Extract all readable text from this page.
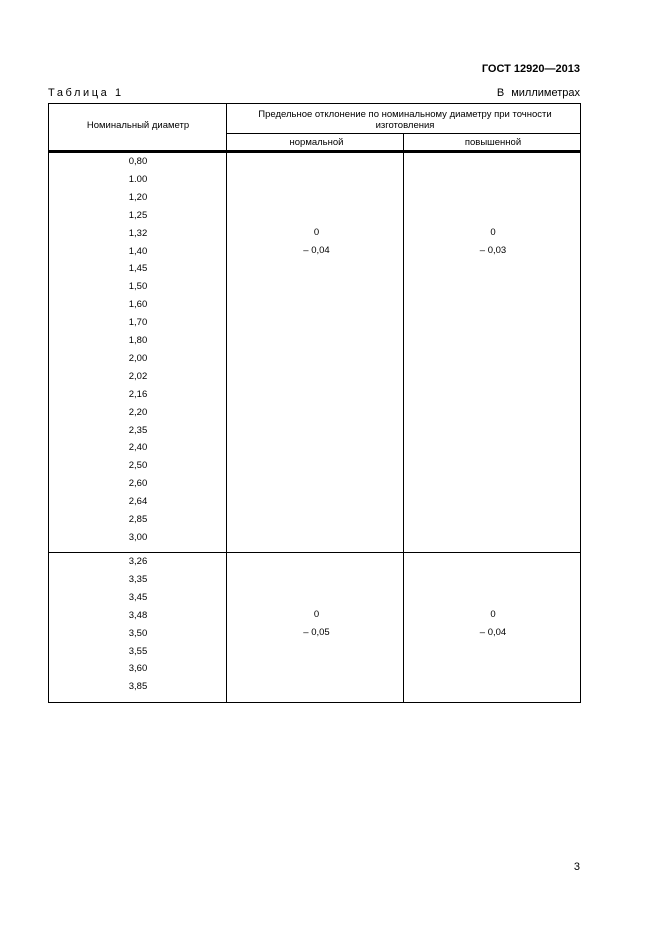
ГОСТ 12920—2013
Таблица 1	В миллиметрах
Номинальный диаметр
Предельное отклонение по номинальному диаметру при точности изготовления
нормальной	повышенной
0
– 0,04
0
– 0,03
0
– 0,05
0
– 0,04
0,80
1.00
1,20
1,25
1,32
1,40
1,45
1,50
1,60
1,70
1,80
2,00
2,02
2,16
2,20
2,35
2,40
2,50
2,60
2,64
2,85
3,00
3,26
3,35
3,45
3,48
3,50
3,55
3,60
3,85
3
